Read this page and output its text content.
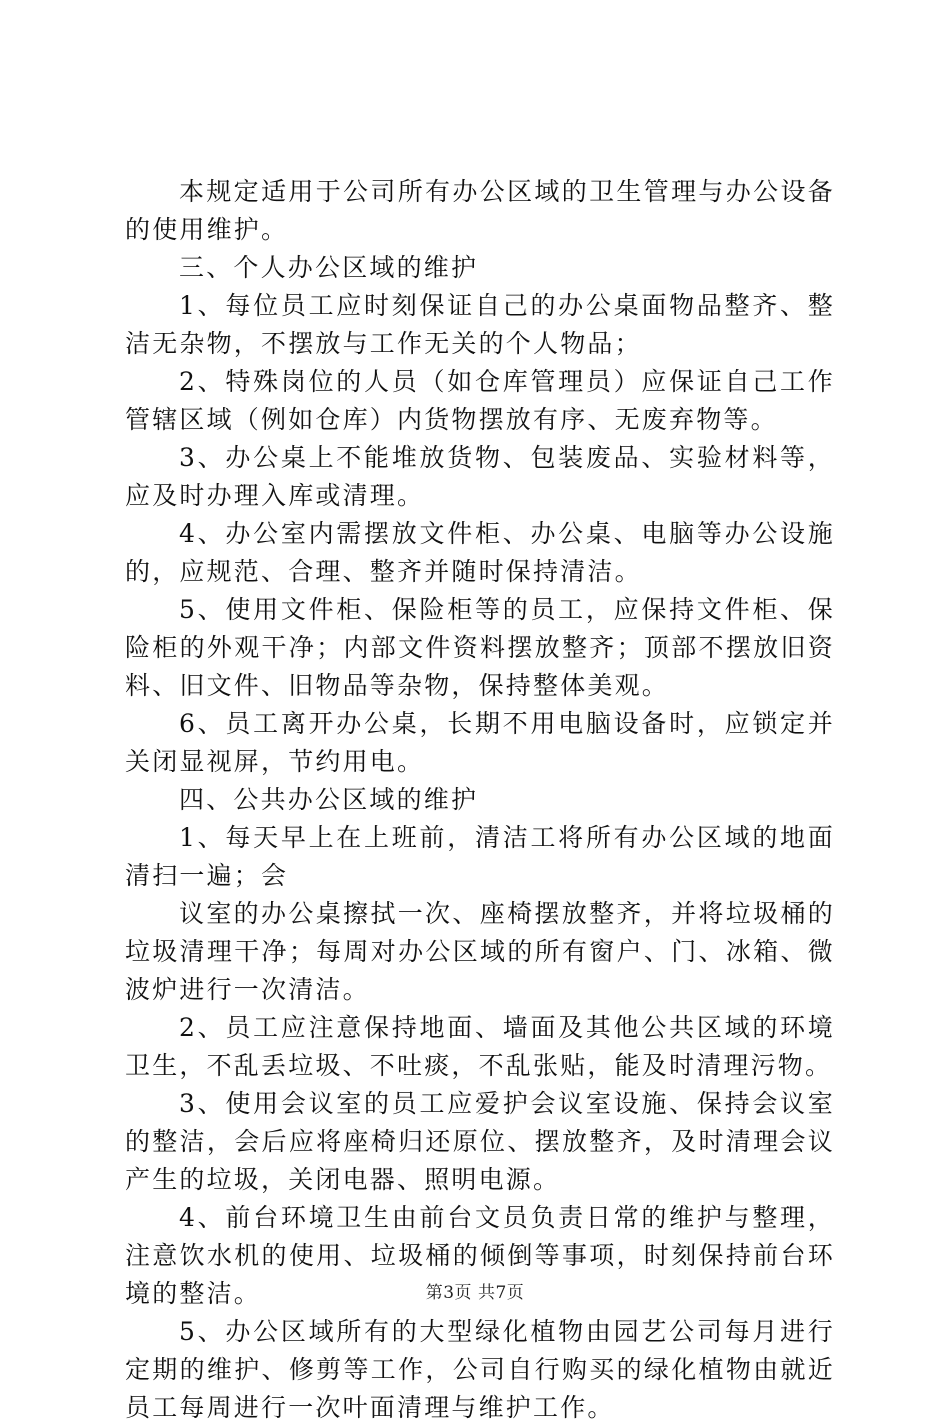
本规定适用于公司所有办公区域的卫生管理与办公设备的使用维护。

三、个人办公区域的维护

1、每位员工应时刻保证自己的办公桌面物品整齐、整洁无杂物，不摆放与工作无关的个人物品；

2、特殊岗位的人员（如仓库管理员）应保证自己工作管辖区域（例如仓库）内货物摆放有序、无废弃物等。

3、办公桌上不能堆放货物、包装废品、实验材料等，应及时办理入库或清理。

4、办公室内需摆放文件柜、办公桌、电脑等办公设施的，应规范、合理、整齐并随时保持清洁。

5、使用文件柜、保险柜等的员工，应保持文件柜、保险柜的外观干净；内部文件资料摆放整齐；顶部不摆放旧资料、旧文件、旧物品等杂物，保持整体美观。

6、员工离开办公桌，长期不用电脑设备时，应锁定并关闭显视屏，节约用电。

四、公共办公区域的维护

1、每天早上在上班前，清洁工将所有办公区域的地面清扫一遍；会

议室的办公桌擦拭一次、座椅摆放整齐，并将垃圾桶的垃圾清理干净；每周对办公区域的所有窗户、门、冰箱、微波炉进行一次清洁。

2、员工应注意保持地面、墙面及其他公共区域的环境卫生，不乱丢垃圾、不吐痰，不乱张贴，能及时清理污物。

3、使用会议室的员工应爱护会议室设施、保持会议室的整洁，会后应将座椅归还原位、摆放整齐，及时清理会议产生的垃圾，关闭电器、照明电源。

4、前台环境卫生由前台文员负责日常的维护与整理，注意饮水机的使用、垃圾桶的倾倒等事项，时刻保持前台环境的整洁。

5、办公区域所有的大型绿化植物由园艺公司每月进行定期的维护、修剪等工作，公司自行购买的绿化植物由就近员工每周进行一次叶面清理与维护工作。

第3页 共7页
